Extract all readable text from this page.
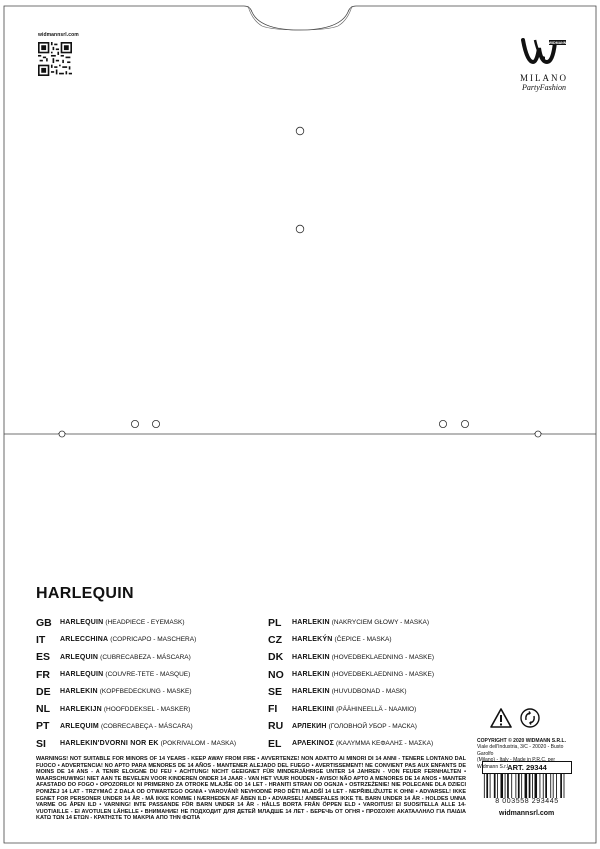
widmannsrl.com
WIDMANN
MILANO
PartyFashion
HARLEQUIN
GB	HARLEQUIN (HEADPIECE - EYEMASK)
IT	ARLECCHINA (COPRICAPO - MASCHERA)
ES	ARLEQUIN (CUBRECABEZA - MÁSCARA)
FR	HARLEQUIN (COUVRE-TETE - MASQUE)
DE	HARLEKIN (KOPFBEDECKUNG - MASKE)
NL	HARLEKIJN (HOOFDDEKSEL - MASKER)
PT	ARLEQUIM (COBRECABEÇA - MÁSCARA)
SI	HARLEKIN'DVORNI NOR EK (POKRIVALOM - MASKA)
PL	HARLEKIN (NAKRYCIEM GŁOWY - MASKA)
CZ	HARLEKÝN (ČEPICE - MASKA)
DK	HARLEKIN (HOVEDBEKLAEDNING - MASKE)
NO	HARLEKIN (HOVEDBEKLAEDNING - MASKE)
SE	HARLEKIN (HUVUDBONAD - MASK)
FI	HARLEKIINI (PÄÄHINEELLÄ - NAAMIO)
RU	АРЛЕКИН (ГОЛОВНОЙ УБОР - МАСКА)
EL	ΑΡΛΕΚΙΝΟΣ (ΚΑΛΥΜΜΑ ΚΕΦΑΛΗΣ - ΜΑΣΚΑ)
WARNINGS! NOT SUITABLE FOR MINORS OF 14 YEARS - KEEP AWAY FROM FIRE • AVVERTENZE! NON ADATTO AI MINORI DI 14 ANNI - TENERE LONTANO DAL FUOCO • ADVERTENCIA! NO APTO PARA MENORES DE 14 AÑOS - MANTENER ALEJADO DEL FUEGO • AVERTISSEMENT! NE CONVIENT PAS AUX ENFANTS DE MOINS DE 14 ANS - A TENIR ELOIGNE DU FEU • ACHTUNG! NICHT GEEIGNET FÜR MINDERJÄHRIGE UNTER 14 JAHREN - VON FEUER FERNHALTEN • WAARSCHUWING! NIET AAN TE BEVELEN VOOR KINDEREN ONDER 14 JAAR - VAN HET VUUR HOUDEN • AVISO! NÃO APTO A MENORES DE 14 ANOS • MANTER AFASTADO DO FOGO • OPOZORILO! NI PRIMERNO ZA OTROKE MLAJŠE OD 14 LET - HRANITI STRAN OD OGNJA • OSTRZEŻENIE! NIE POLECANE DLA DZIECI PONIŻEJ 14 LAT - TRZYMAĆ Z DALA OD OTWARTEGO OGNIA • VAROVÁNÍ! NEVHODNÉ PRO DĚTI MLADŠÍ 14 LET - NEPŘIBLIŽUJTE K OHNI • ADVARSEL! IKKE EGNET FOR PERSONER UNDER 14 ÅR - MÅ IKKE KOMME I NÆRHEDEN AF ÅBEN ILD • ADVARSEL! ANBEFALES IKKE TIL BARN UNDER 14 ÅR - HOLDES UNNA VARME OG ÅPEN ILD • VARNING! INTE PASSANDE FÖR BARN UNDER 14 ÅR - HÅLLS BORTA FRÅN ÖPPEN ELD • VAROITUS! EI SUOSITELLA ALLE 14-VUOTIAILLE - EI AVOTULEN LÄHELLE • ВНИМАНИЕ! НЕ ПОДХОДИТ ДЛЯ ДЕТЕЙ МЛАДШЕ 14 ЛЕТ - БЕРЕЧЬ ОТ ОГНЯ • ΠΡΟΣΟΧΗ! ΑΚΑΤΑΛΛΗΛΟ ΓΙΑ ΠΑΙΔΙΑ ΚΑΤΩ ΤΩΝ 14 ΕΤΩΝ - ΚΡΑΤΗΣΤΕ ΤΟ ΜΑΚΡΙΑ ΑΠΟ ΤΗΝ ΦΩΤΙΑ
COPYRIGHT © 2020 WIDMANN S.R.L.
Viale dell'Industria, 3/C - 20020 - Busto Garolfo
(Milano) - Italy - Made in P.R.C. per Widmann S.r.l.
ART. 29344
8 003558 293445
widmannsrl.com
